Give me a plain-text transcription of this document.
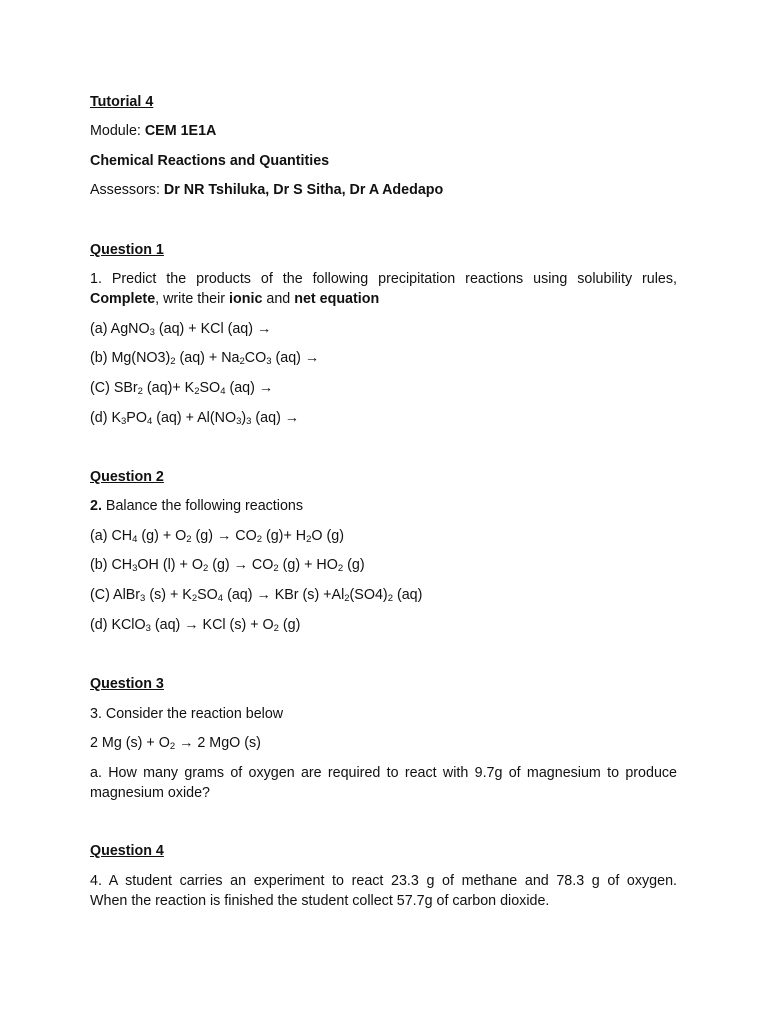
Tutorial 4
Module: CEM 1E1A
Chemical Reactions and Quantities
Assessors: Dr NR Tshiluka, Dr S Sitha, Dr A Adedapo
Question 1
1. Predict the products of the following precipitation reactions using solubility rules,
Complete, write their ionic and net equation
(a) AgNO$_3$ (aq) + KCl (aq) →
(b) $Mg(NO3)_2$ $(aq) + Na_2CO_3$ (aq) →
(C) SBr$_2$ $(aq)+ K_2SO_4$ (aq) →
(d) $K_3PO_4$ $(aq) + Al(NO_3)_3$ (aq) →
Question 2
2. Balance the following reactions
(a) $CH_4$ $(g) + O_2$ $(g) \to CO_2$ $(g)+ H_2O$ (g)
(b) $CH_3OH$ $(l) + O_2$ $(g) \to CO_2$ $(g) + HO_2$ (g)
(C) AlBr$_3$ $(s) + K_2SO_4$ (aq) → KBr $(s) +Al_2(SO4)_2$ (aq)
(d) KClO$_3$ (aq) → KCl $(s) + O_2$ (g)
Question 3
3. Consider the reaction below
2 Mg $(s) + O_2 \to 2$ MgO (s)
a. How many grams of oxygen are required to react with 9.7g of magnesium to produce
magnesium oxide?
Question 4
4. A student carries an experiment to react 23.3 g of methane and 78.3 g of oxygen.
When the reaction is finished the student collect 57.7g of carbon dioxide.
